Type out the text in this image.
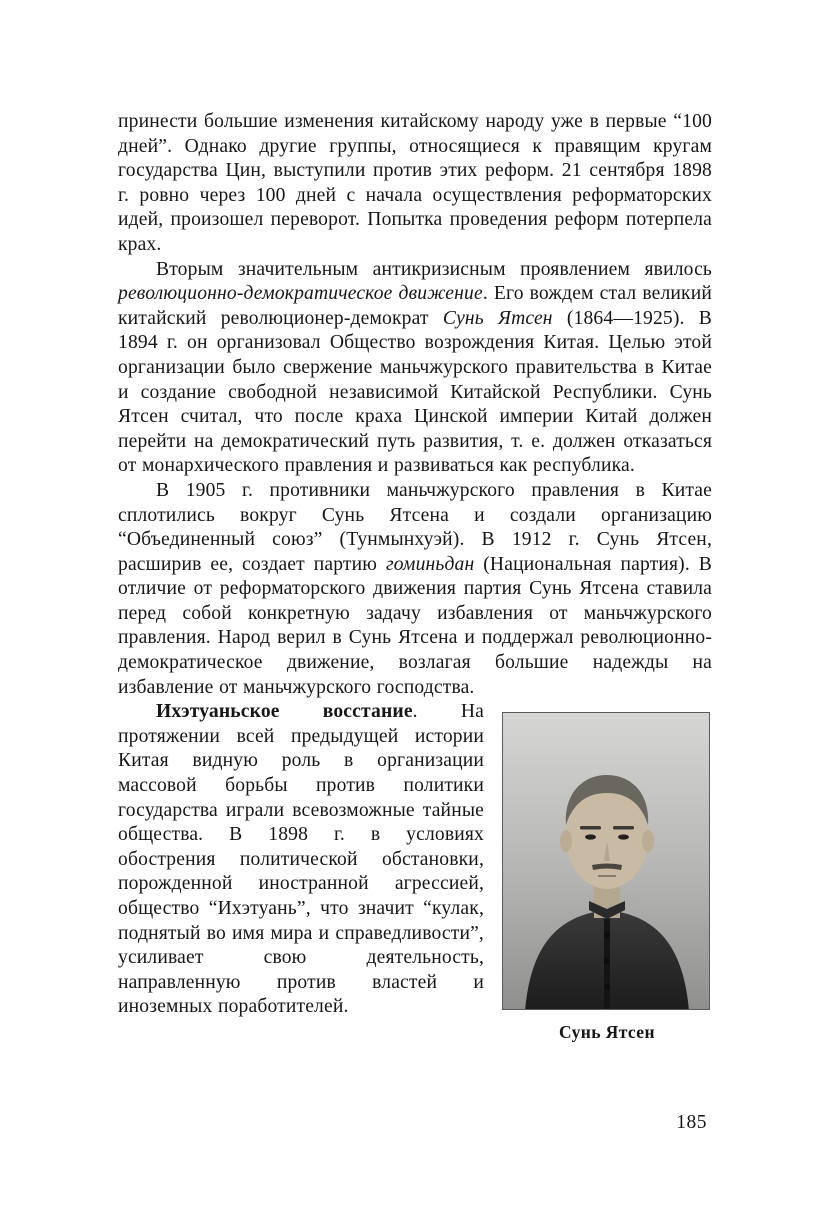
принести большие изменения китайскому народу уже в первые “100 дней”. Однако другие группы, относящиеся к правящим кругам государства Цин, выступили против этих реформ. 21 сентября 1898 г. ровно через 100 дней с начала осуществления реформаторских идей, произошел переворот. Попытка проведения реформ потерпела крах.

Вторым значительным антикризисным проявлением явилось революционно-демократическое движение. Его вождем стал великий китайский революционер-демократ Сунь Ятсен (1864—1925). В 1894 г. он организовал Общество возрождения Китая. Целью этой организации было свержение маньчжурского правительства в Китае и создание свободной независимой Китайской Республики. Сунь Ятсен считал, что после краха Цинской империи Китай должен перейти на демократический путь развития, т. е. должен отказаться от монархического правления и развиваться как республика.

В 1905 г. противники маньчжурского правления в Китае сплотились вокруг Сунь Ятсена и создали организацию “Объединенный союз” (Тунмынхуэй). В 1912 г. Сунь Ятсен, расширив ее, создает партию гоминьдан (Национальная партия). В отличие от реформаторского движения партия Сунь Ятсена ставила перед собой конкретную задачу избавления от маньчжурского правления. Народ верил в Сунь Ятсена и поддержал революционно-демократическое движение, возлагая большие надежды на избавление от маньчжурского господства.

Сунь Ятсен

Ихэтуаньское восстание. На протяжении всей предыдущей истории Китая видную роль в организации массовой борьбы против политики государства играли всевозможные тайные общества. В 1898 г. в условиях обострения политической обстановки, порожденной иностранной агрессией, общество “Ихэтуань”, что значит “кулак, поднятый во имя мира и справедливости”, усиливает свою деятельность, направленную против властей и иноземных поработителей.

185
